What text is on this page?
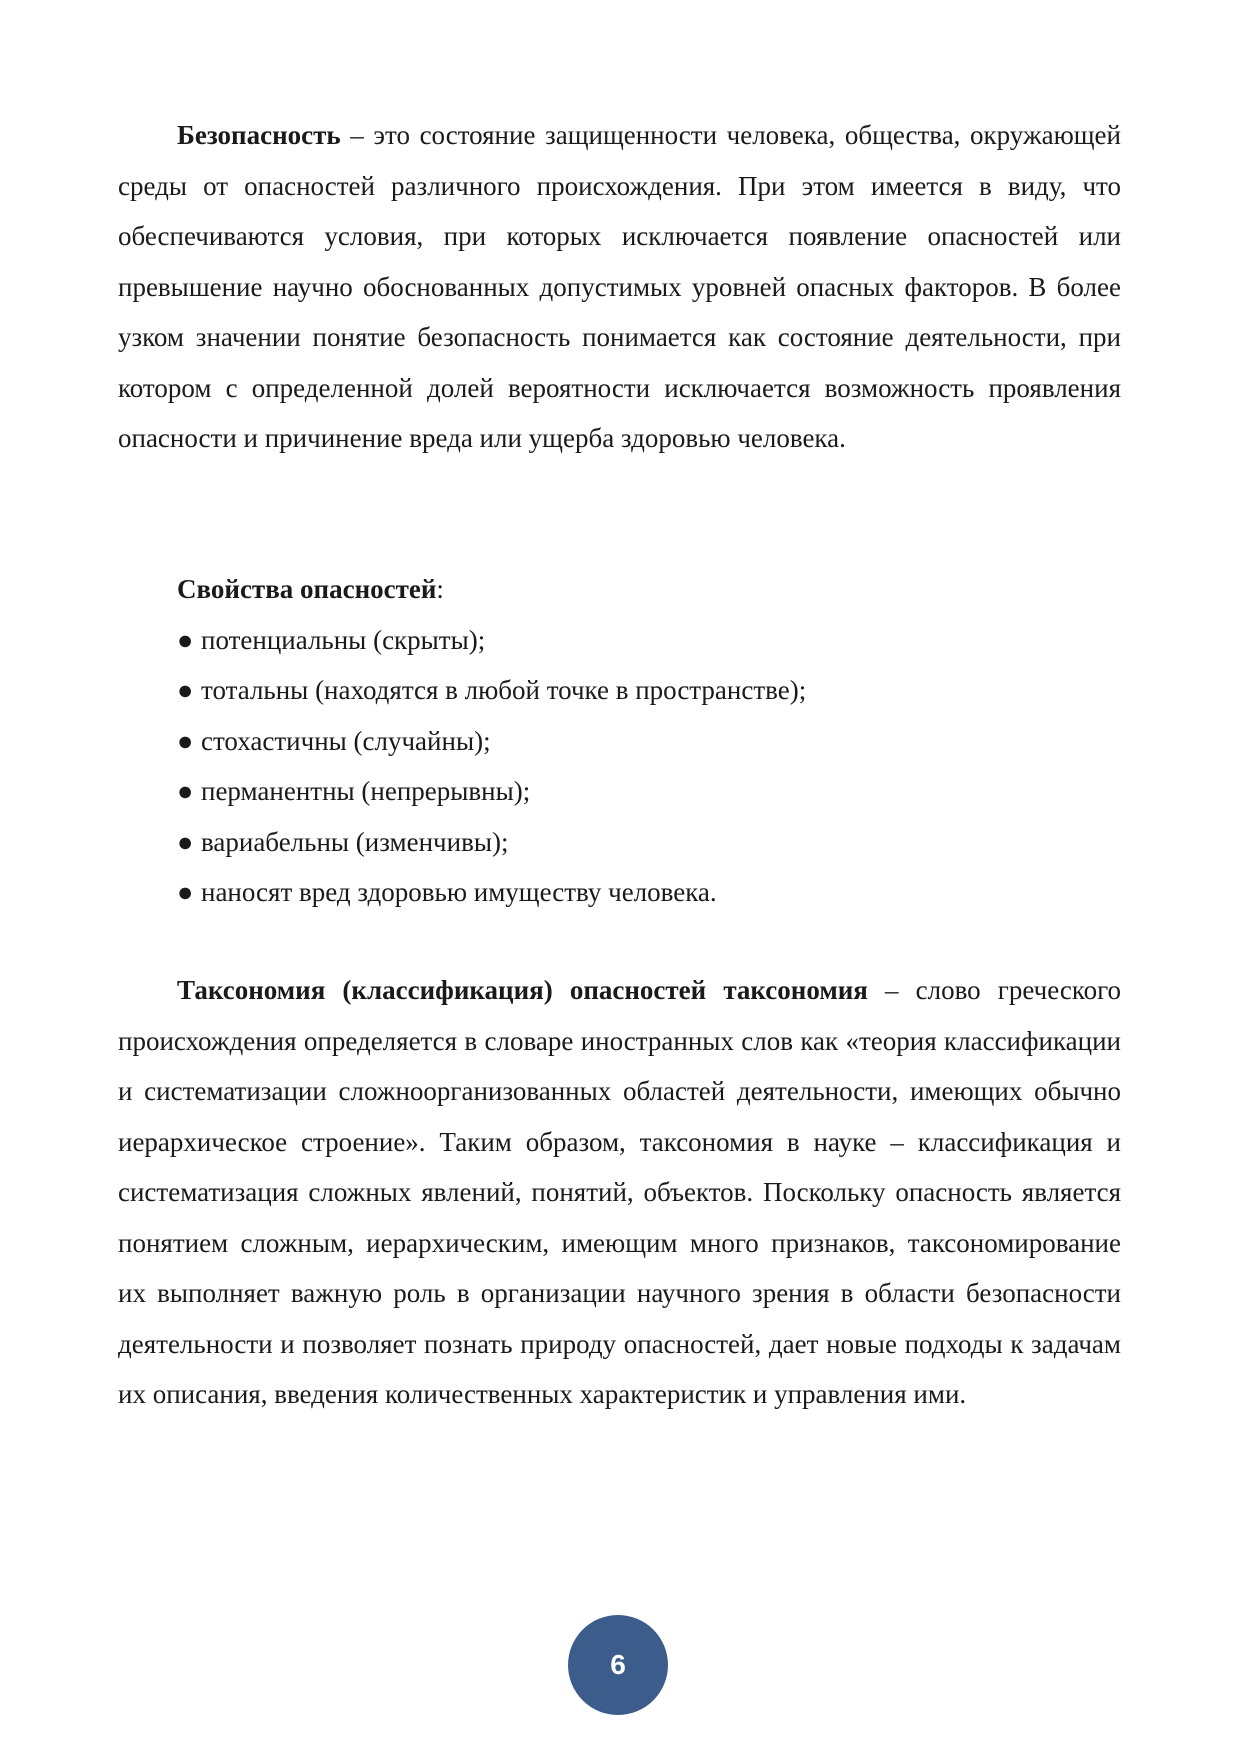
Безопасность – это состояние защищенности человека, общества, окружающей среды от опасностей различного происхождения. При этом имеется в виду, что обеспечиваются условия, при которых исключается появление опасностей или превышение научно обоснованных допустимых уровней опасных факторов. В более узком значении понятие безопасность понимается как состояние деятельности, при котором с определенной долей вероятности исключается возможность проявления опасности и причинение вреда или ущерба здоровью человека.

Свойства опасностей:
● потенциальны (скрыты);
● тотальны (находятся в любой точке в пространстве);
● стохастичны (случайны);
● перманентны (непрерывны);
● вариабельны (изменчивы);
● наносят вред здоровью имуществу человека.

Таксономия (классификация) опасностей таксономия – слово греческого происхождения определяется в словаре иностранных слов как «теория классификации и систематизации сложноорганизованных областей деятельности, имеющих обычно иерархическое строение». Таким образом, таксономия в науке – классификация и систематизация сложных явлений, понятий, объектов. Поскольку опасность является понятием сложным, иерархическим, имеющим много признаков, таксономирование их выполняет важную роль в организации научного зрения в области безопасности деятельности и позволяет познать природу опасностей, дает новые подходы к задачам их описания, введения количественных характеристик и управления ими.

6
